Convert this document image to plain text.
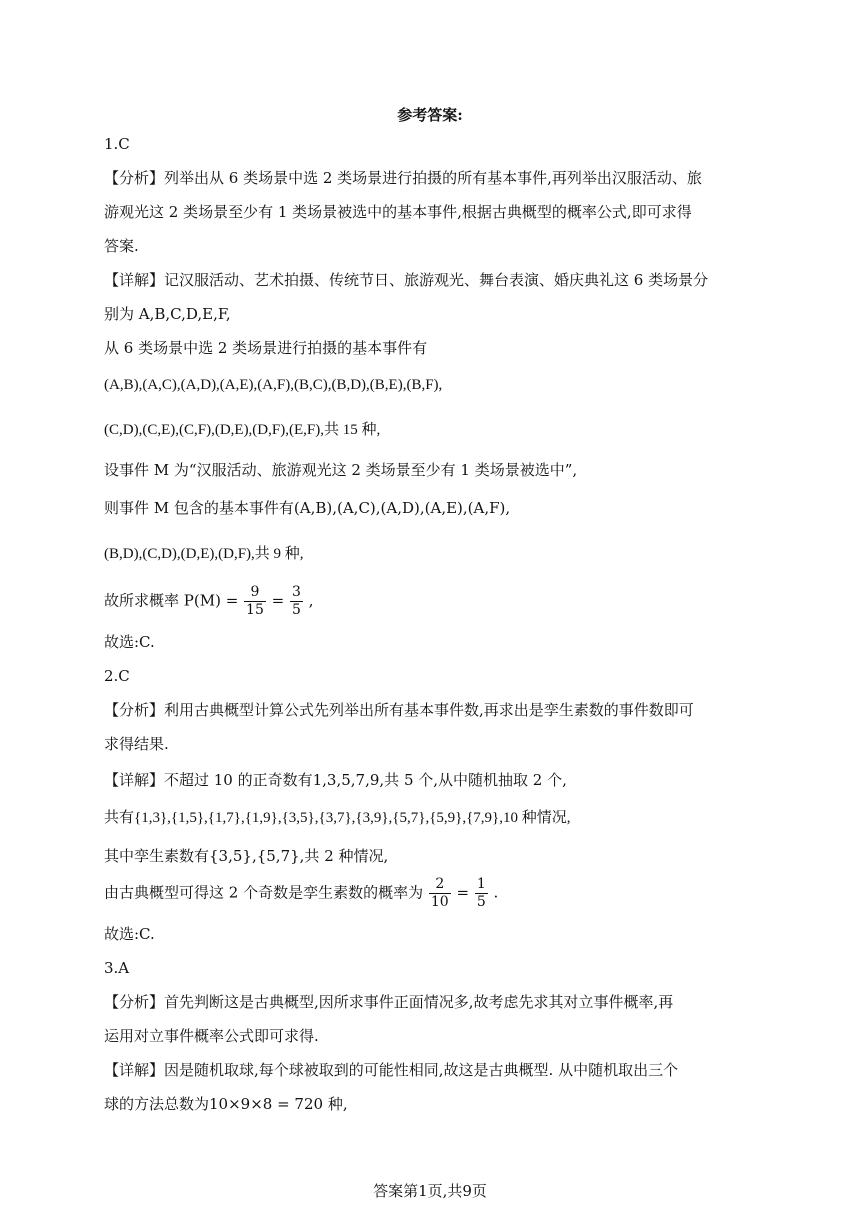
参考答案:
1.C
【分析】列举出从 6 类场景中选 2 类场景进行拍摄的所有基本事件,再列举出汉服活动、旅
游观光这 2 类场景至少有 1 类场景被选中的基本事件,根据古典概型的概率公式,即可求得
答案.
【详解】记汉服活动、艺术拍摄、传统节日、旅游观光、舞台表演、婚庆典礼这 6 类场景分
别为 A,B,C,D,E,F,
从 6 类场景中选 2 类场景进行拍摄的基本事件有
(A,B),(A,C),(A,D),(A,E),(A,F),(B,C),(B,D),(B,E),(B,F),
(C,D),(C,E),(C,F),(D,E),(D,F),(E,F),共 15 种,
设事件 M 为“汉服活动、旅游观光这 2 类场景至少有 1 类场景被选中”,
则事件 M 包含的基本事件有(A,B),(A,C),(A,D),(A,E),(A,F),
(B,D),(C,D),(D,E),(D,F),共 9 种,
故所求概率 $P(M) = \frac{9}{15} = \frac{3}{5}$ ,
故选:C.
2.C
【分析】利用古典概型计算公式先列举出所有基本事件数,再求出是孪生素数的事件数即可
求得结果.
【详解】不超过 10 的正奇数有1,3,5,7,9,共 5 个,从中随机抽取 2 个,
共有{1,3},{1,5},{1,7},{1,9},{3,5},{3,7},{3,9},{5,7},{5,9},{7,9},10 种情况,
其中孪生素数有{3,5},{5,7},共 2 种情况,
由古典概型可得这 2 个奇数是孪生素数的概率为 $\frac{2}{10} = \frac{1}{5}$ .
故选:C.
3.A
【分析】首先判断这是古典概型,因所求事件正面情况多,故考虑先求其对立事件概率,再
运用对立事件概率公式即可求得.
【详解】因是随机取球,每个球被取到的可能性相同,故这是古典概型. 从中随机取出三个
球的方法总数为10×9×8 = 720 种,
答案第1页,共9页
